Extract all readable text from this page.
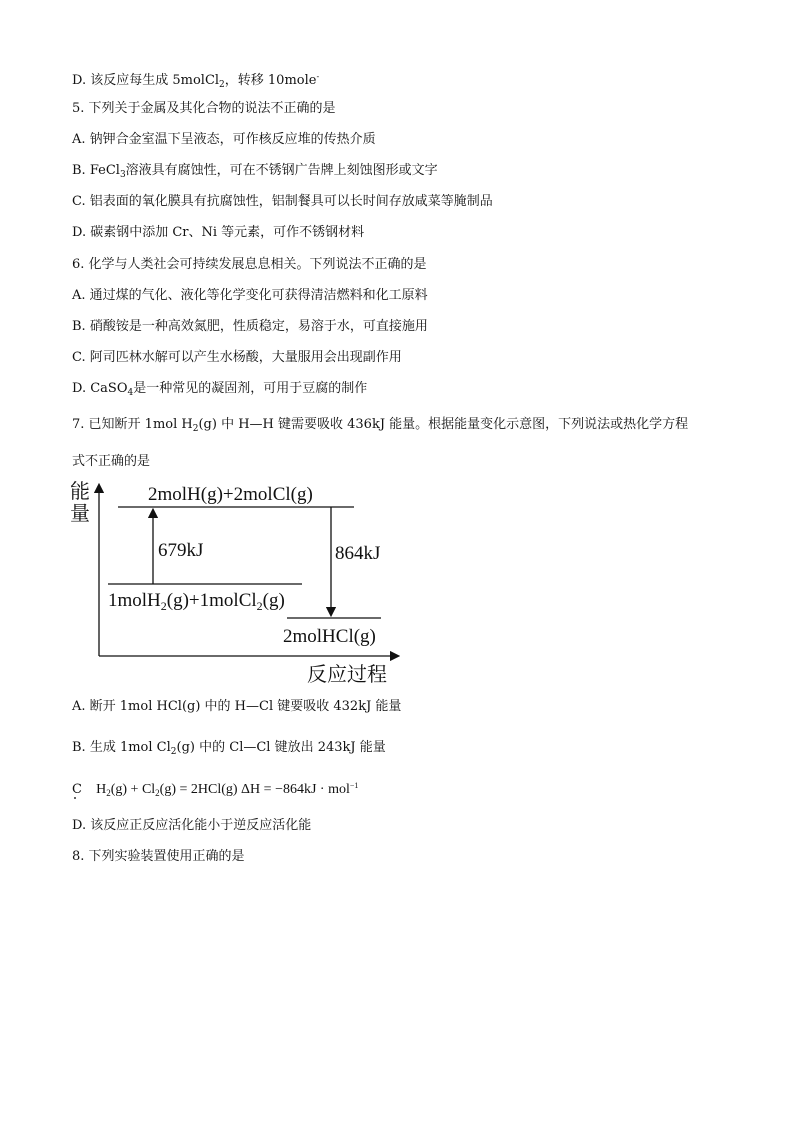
D. 该反应每生成 5molCl$_2$，转移 10mole-
5. 下列关于金属及其化合物的说法不正确的是
A. 钠钾合金室温下呈液态，可作核反应堆的传热介质
B. FeCl$_3$溶液具有腐蚀性，可在不锈钢广告牌上刻蚀图形或文字
C. 铝表面的氧化膜具有抗腐蚀性，铝制餐具可以长时间存放咸菜等腌制品
D. 碳素钢中添加 Cr、Ni 等元素，可作不锈钢材料
6. 化学与人类社会可持续发展息息相关。下列说法不正确的是
A. 通过煤的气化、液化等化学变化可获得清洁燃料和化工原料
B. 硝酸铵是一种高效氮肥，性质稳定，易溶于水，可直接施用
C. 阿司匹林水解可以产生水杨酸，大量服用会出现副作用
D. CaSO$_4$是一种常见的凝固剂，可用于豆腐的制作
7. 已知断开 1mol $H_2(g)$ 中 H—H 键需要吸收 436kJ 能量。根据能量变化示意图，下列说法或热化学方程
式不正确的是
能
量
反应过程
2molH(g)+2molCl(g)
1molH$_2$(g)+1molCl$_2$(g)
2molHCl(g)
679kJ	864kJ
A. 断开 1mol HCl(g) 中的 H—Cl 键要吸收 432kJ 能量
B. 生成 1mol $Cl_2(g)$ 中的 Cl—Cl 键放出 243kJ 能量
C $H_2(g) + Cl_2(g) = 2HCl(g) \Delta H = -864kJ \cdot mol^{-1}$
D. 该反应正反应活化能小于逆反应活化能
8. 下列实验装置使用正确的是
